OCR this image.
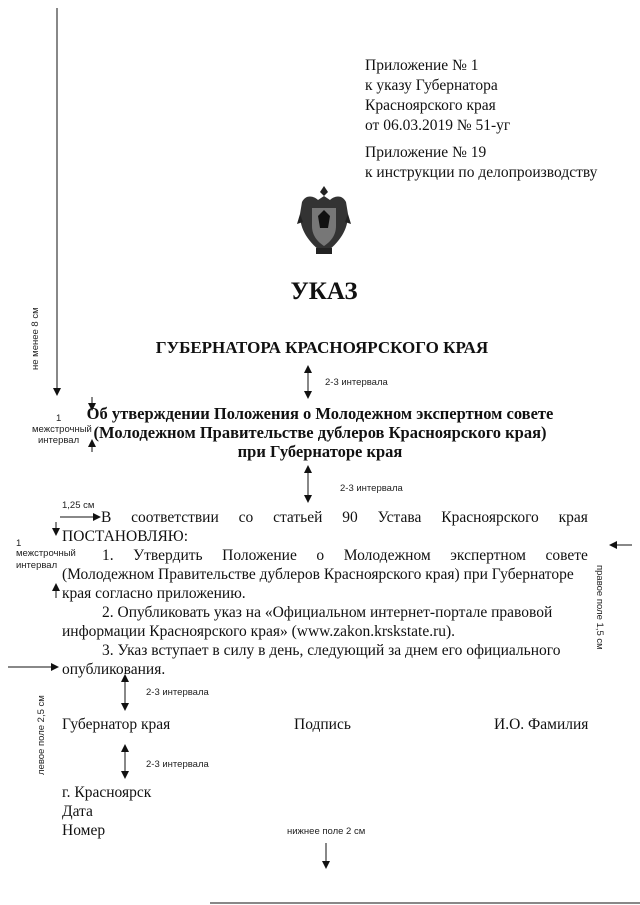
Приложение № 1
к указу Губернатора
Красноярского края
от 06.03.2019 № 51-уг
Приложение № 19
к инструкции по делопроизводству
УКАЗ
ГУБЕРНАТОРА КРАСНОЯРСКОГО КРАЯ
Об утверждении Положения о Молодежном экспертном совете
(Молодежном Правительстве дублеров Красноярского края)
при Губернаторе края
В соответствии со статьей 90 Устава Красноярского края
ПОСТАНОВЛЯЮ:
1. Утвердить Положение о Молодежном экспертном совете
(Молодежном Правительстве дублеров Красноярского края) при Губернаторе
края согласно приложению.
2. Опубликовать указ на «Официальном интернет-портале правовой
информации Красноярского края» (www.zakon.krskstate.ru).
3. Указ вступает в силу в день, следующий за днем его официального
опубликования.
Губернатор края	Подпись	И.О. Фамилия
г. Красноярск
Дата
Номер
2-3 интервала
2-3 интервала
2-3 интервала
2-3 интервала
1
межстрочный
интервал
1
межстрочный
интервал
1,25 см
не менее 8 см
левое поле 2,5 см
правое поле 1,5 см
нижнее поле 2 см
